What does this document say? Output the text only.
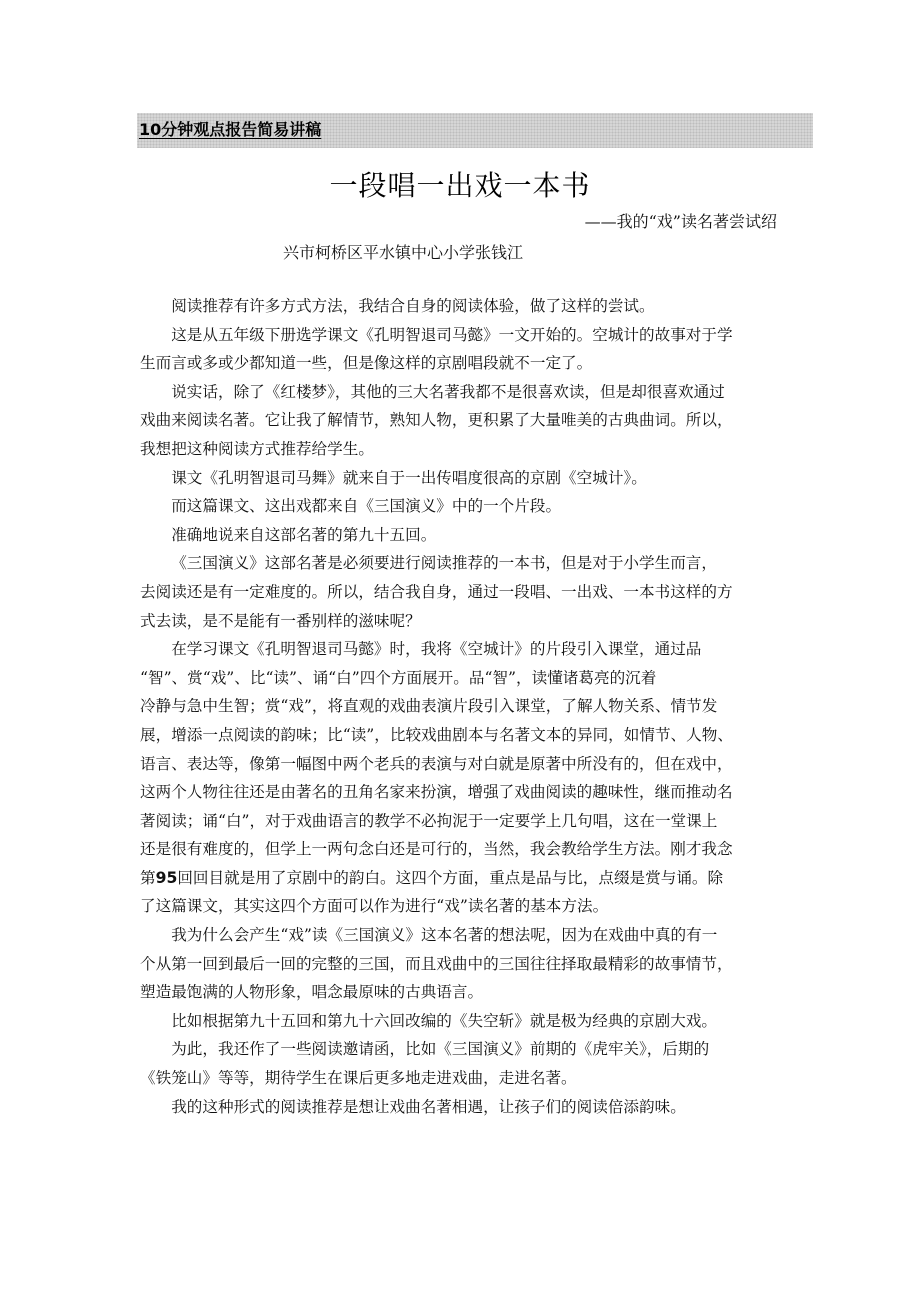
10分钟观点报告简易讲稿
一段唱一出戏一本书
——我的“戏”读名著尝试绍
兴市柯桥区平水镇中心小学张钱江

阅读推荐有许多方式方法，我结合自身的阅读体验，做了这样的尝试。

这是从五年级下册选学课文《孔明智退司马懿》一文开始的。空城计的故事对于学
生而言或多或少都知道一些，但是像这样的京剧唱段就不一定了。

说实话，除了《红楼梦》，其他的三大名著我都不是很喜欢读，但是却很喜欢通过
戏曲来阅读名著。它让我了解情节，熟知人物，更积累了大量唯美的古典曲词。所以，
我想把这种阅读方式推荐给学生。

课文《孔明智退司马舞》就来自于一出传唱度很高的京剧《空城计》。

而这篇课文、这出戏都来自《三国演义》中的一个片段。

准确地说来自这部名著的第九十五回。

《三国演义》这部名著是必须要进行阅读推荐的一本书，但是对于小学生而言，
去阅读还是有一定难度的。所以，结合我自身，通过一段唱、一出戏、一本书这样的方
式去读，是不是能有一番别样的滋味呢？

在学习课文《孔明智退司马懿》时，我将《空城计》的片段引入课堂，通过品
“智”、赏“戏”、比“读”、诵“白”四个方面展开。品“智”，读懂诸葛亮的沉着
冷静与急中生智；赏“戏”，将直观的戏曲表演片段引入课堂，了解人物关系、情节发
展，增添一点阅读的韵味；比“读”，比较戏曲剧本与名著文本的异同，如情节、人物、
语言、表达等，像第一幅图中两个老兵的表演与对白就是原著中所没有的，但在戏中，
这两个人物往往还是由著名的丑角名家来扮演，增强了戏曲阅读的趣味性，继而推动名
著阅读；诵“白”，对于戏曲语言的教学不必拘泥于一定要学上几句唱，这在一堂课上
还是很有难度的，但学上一两句念白还是可行的，当然，我会教给学生方法。刚才我念
第95回回目就是用了京剧中的韵白。这四个方面，重点是品与比，点缀是赏与诵。除
了这篇课文，其实这四个方面可以作为进行“戏”读名著的基本方法。

我为什么会产生“戏”读《三国演义》这本名著的想法呢，因为在戏曲中真的有一
个从第一回到最后一回的完整的三国，而且戏曲中的三国往往择取最精彩的故事情节，
塑造最饱满的人物形象，唱念最原味的古典语言。

比如根据第九十五回和第九十六回改编的《失空斩》就是极为经典的京剧大戏。

为此，我还作了一些阅读邀请函，比如《三国演义》前期的《虎牢关》，后期的
《铁笼山》等等，期待学生在课后更多地走进戏曲，走进名著。

我的这种形式的阅读推荐是想让戏曲名著相遇，让孩子们的阅读倍添韵味。
